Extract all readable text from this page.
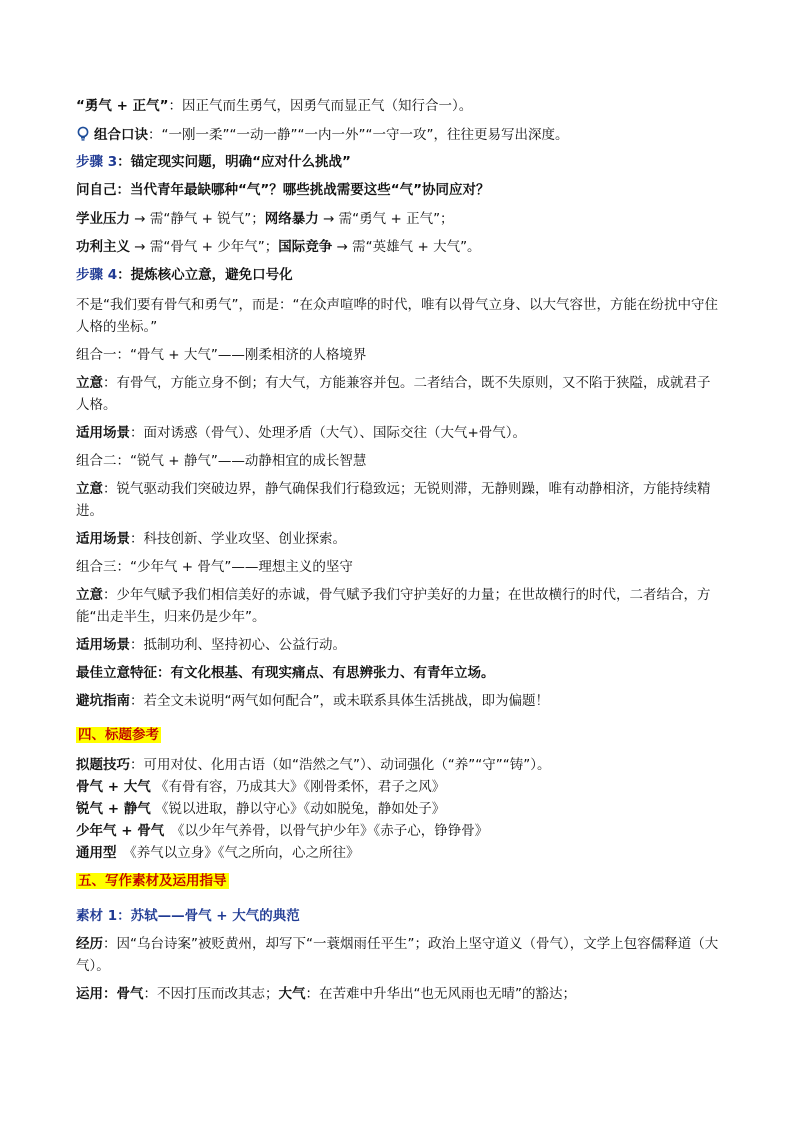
“勇气 + 正气”：因正气而生勇气，因勇气而显正气（知行合一）。
组合口诀：“一刚一柔”“一动一静”“一内一外”“一守一攻”，往往更易写出深度。
步骤 3：锚定现实问题，明确“应对什么挑战”
问自己：当代青年最缺哪种“气”？哪些挑战需要这些“气”协同应对？
学业压力 → 需“静气 + 锐气”；网络暴力 → 需“勇气 + 正气”；
功利主义 → 需“骨气 + 少年气”；国际竞争 → 需“英雄气 + 大气”。
步骤 4：提炼核心立意，避免口号化
不是“我们要有骨气和勇气”，而是：“在众声喧哗的时代，唯有以骨气立身、以大气容世，方能在纷扰中守住人格的坐标。”
组合一：“骨气 + 大气”——刚柔相济的人格境界
立意：有骨气，方能立身不倒；有大气，方能兼容并包。二者结合，既不失原则，又不陷于狭隘，成就君子人格。
适用场景：面对诱惑（骨气）、处理矛盾（大气）、国际交往（大气+骨气）。
组合二：“锐气 + 静气”——动静相宜的成长智慧
立意：锐气驱动我们突破边界，静气确保我们行稳致远；无锐则滞，无静则躁，唯有动静相济，方能持续精进。
适用场景：科技创新、学业攻坚、创业探索。
组合三：“少年气 + 骨气”——理想主义的坚守
立意：少年气赋予我们相信美好的赤诚，骨气赋予我们守护美好的力量；在世故横行的时代，二者结合，方能“出走半生，归来仍是少年”。
适用场景：抵制功利、坚持初心、公益行动。
最佳立意特征：有文化根基、有现实痛点、有思辨张力、有青年立场。
避坑指南：若全文未说明“两气如何配合”，或未联系具体生活挑战，即为偏题！
四、标题参考
拟题技巧：可用对仗、化用古语（如“浩然之气”）、动词强化（“养”“守”“铸”）。
骨气 + 大气 《有骨有容，乃成其大》《刚骨柔怀，君子之风》
锐气 + 静气 《锐以进取，静以守心》《动如脱兔，静如处子》
少年气 + 骨气　《以少年气养骨，以骨气护少年》《赤子心，铮铮骨》
通用型　《养气以立身》《气之所向，心之所往》
五、写作素材及运用指导
素材 1：苏轼——骨气 + 大气的典范
经历：因“乌台诗案”被贬黄州，却写下“一蓑烟雨任平生”；政治上坚守道义（骨气），文学上包容儒释道（大气）。
运用：骨气：不因打压而改其志；大气：在苦难中升华出“也无风雨也无晴”的豁达；
